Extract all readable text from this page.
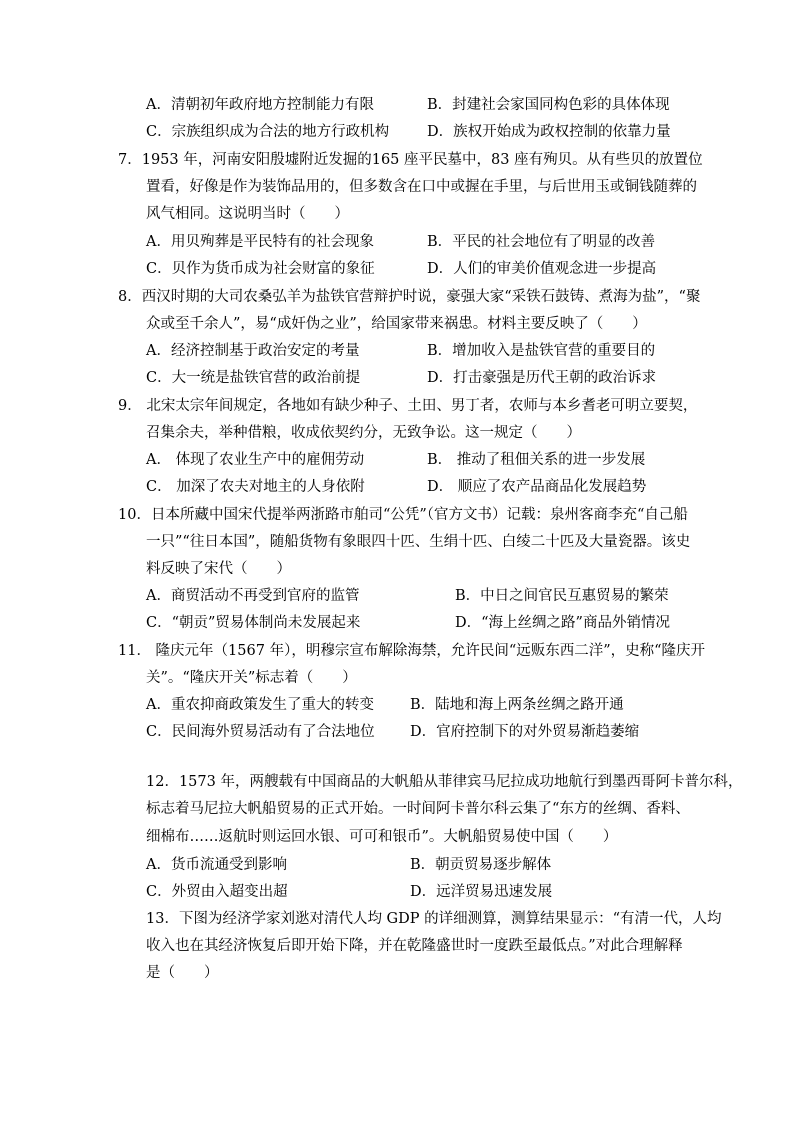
A．清朝初年政府地方控制能力有限	B．封建社会家国同构色彩的具体体现
C．宗族组织成为合法的地方行政机构	D．族权开始成为政权控制的依靠力量
7．1953 年，河南安阳殷墟附近发掘的165 座平民墓中，83 座有殉贝。从有些贝的放置位
置看，好像是作为装饰品用的，但多数含在口中或握在手里，与后世用玉或铜钱随葬的
风气相同。这说明当时（　　）
A．用贝殉葬是平民特有的社会现象	B．平民的社会地位有了明显的改善
C．贝作为货币成为社会财富的象征	D．人们的审美价值观念进一步提高
8．西汉时期的大司农桑弘羊为盐铁官营辩护时说，豪强大家“采铁石鼓铸、煮海为盐”，“聚
众或至千余人”，易“成奸伪之业”，给国家带来祸患。材料主要反映了（　　）
A．经济控制基于政治安定的考量	B．增加收入是盐铁官营的重要目的
C．大一统是盐铁官营的政治前提	D．打击豪强是历代王朝的政治诉求
9． 北宋太宗年间规定，各地如有缺少种子、土田、男丁者，农师与本乡耆老可明立要契，
召集余夫，举种借粮，收成依契约分，无致争讼。这一规定（　　）
A． 体现了农业生产中的雇佣劳动	B． 推动了租佃关系的进一步发展
C． 加深了农夫对地主的人身依附	D． 顺应了农产品商品化发展趋势
10．日本所藏中国宋代提举两浙路市舶司“公凭”（官方文书）记载：泉州客商李充“自己船
一只”“往日本国”，随船货物有象眼四十匹、生绢十匹、白绫二十匹及大量瓷器。该史
料反映了宋代（　　）
A．商贸活动不再受到官府的监管	B．中日之间官民互惠贸易的繁荣
C．“朝贡”贸易体制尚未发展起来	D．“海上丝绸之路”商品外销情况
11． 隆庆元年（1567 年），明穆宗宣布解除海禁，允许民间“远贩东西二洋”，史称“隆庆开
关”。“隆庆开关”标志着（　　）
A．重农抑商政策发生了重大的转变 B．陆地和海上两条丝绸之路开通
C．民间海外贸易活动有了合法地位 D．官府控制下的对外贸易渐趋萎缩
12．1573 年，两艘载有中国商品的大帆船从菲律宾马尼拉成功地航行到墨西哥阿卡普尔科，
标志着马尼拉大帆船贸易的正式开始。一时间阿卡普尔科云集了“东方的丝绸、香料、
细棉布……返航时则运回水银、可可和银币”。大帆船贸易使中国（　　）
A．货币流通受到影响	B．朝贡贸易逐步解体
C．外贸由入超变出超	D．远洋贸易迅速发展
13．下图为经济学家刘逖对清代人均 GDP 的详细测算，测算结果显示：“有清一代，人均
收入也在其经济恢复后即开始下降，并在乾隆盛世时一度跌至最低点。”对此合理解释
是（　　）
